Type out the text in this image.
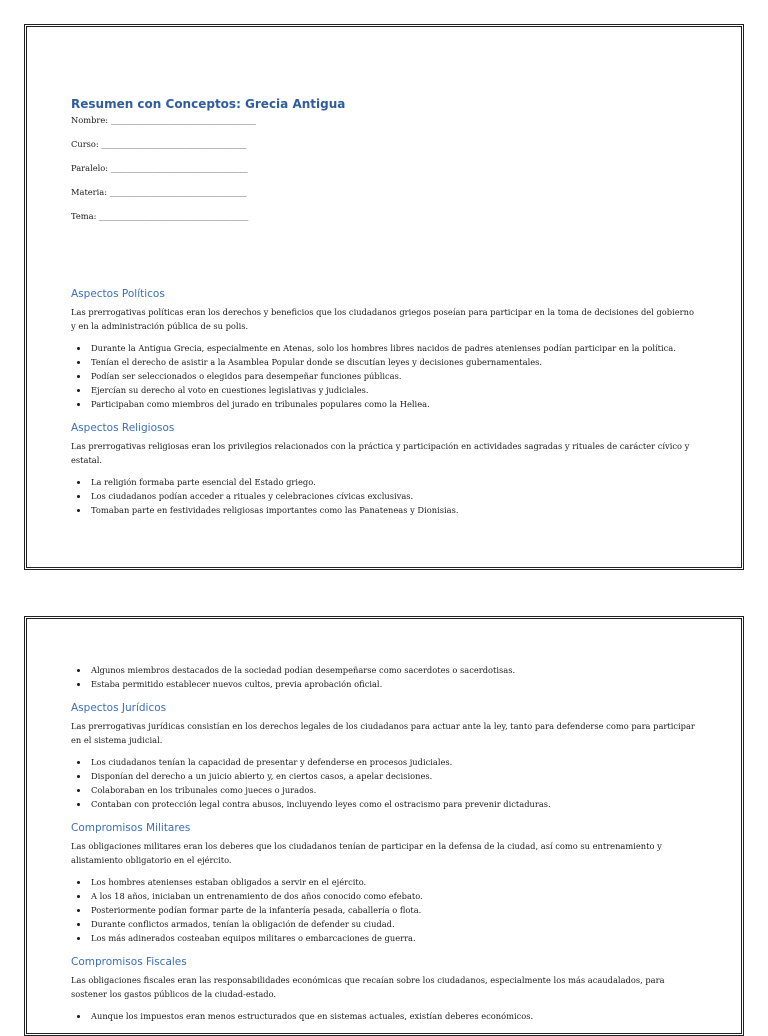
Resumen con Conceptos: Grecia Antigua
Nombre: ___________________________________
Curso: ___________________________________
Paralelo: _________________________________
Materia: _________________________________
Tema: ____________________________________
Aspectos Políticos

Las prerrogativas políticas eran los derechos y beneficios que los ciudadanos griegos poseían para participar en la toma de decisiones del gobierno y en la administración pública de su polis.

• Durante la Antigua Grecia, especialmente en Atenas, solo los hombres libres nacidos de padres atenienses podían participar en la política.
• Tenían el derecho de asistir a la Asamblea Popular donde se discutían leyes y decisiones gubernamentales.
• Podían ser seleccionados o elegidos para desempeñar funciones públicas.
• Ejercían su derecho al voto en cuestiones legislativas y judiciales.
• Participaban como miembros del jurado en tribunales populares como la Heliea.
Aspectos Religiosos

Las prerrogativas religiosas eran los privilegios relacionados con la práctica y participación en actividades sagradas y rituales de carácter cívico y estatal.

• La religión formaba parte esencial del Estado griego.
• Los ciudadanos podían acceder a rituales y celebraciones cívicas exclusivas.
• Tomaban parte en festividades religiosas importantes como las Panateneas y Dionisias.
• Algunos miembros destacados de la sociedad podían desempeñarse como sacerdotes o sacerdotisas.
• Estaba permitido establecer nuevos cultos, previa aprobación oficial.
Aspectos Jurídicos

Las prerrogativas jurídicas consistían en los derechos legales de los ciudadanos para actuar ante la ley, tanto para defenderse como para participar en el sistema judicial.

• Los ciudadanos tenían la capacidad de presentar y defenderse en procesos judiciales.
• Disponían del derecho a un juicio abierto y, en ciertos casos, a apelar decisiones.
• Colaboraban en los tribunales como jueces o jurados.
• Contaban con protección legal contra abusos, incluyendo leyes como el ostracismo para prevenir dictaduras.
Compromisos Militares

Las obligaciones militares eran los deberes que los ciudadanos tenían de participar en la defensa de la ciudad, así como su entrenamiento y alistamiento obligatorio en el ejército.

• Los hombres atenienses estaban obligados a servir en el ejército.
• A los 18 años, iniciaban un entrenamiento de dos años conocido como efebato.
• Posteriormente podían formar parte de la infantería pesada, caballería o flota.
• Durante conflictos armados, tenían la obligación de defender su ciudad.
• Los más adinerados costeaban equipos militares o embarcaciones de guerra.
Compromisos Fiscales

Las obligaciones fiscales eran las responsabilidades económicas que recaían sobre los ciudadanos, especialmente los más acaudalados, para sostener los gastos públicos de la ciudad-estado.

• Aunque los impuestos eran menos estructurados que en sistemas actuales, existían deberes económicos.
